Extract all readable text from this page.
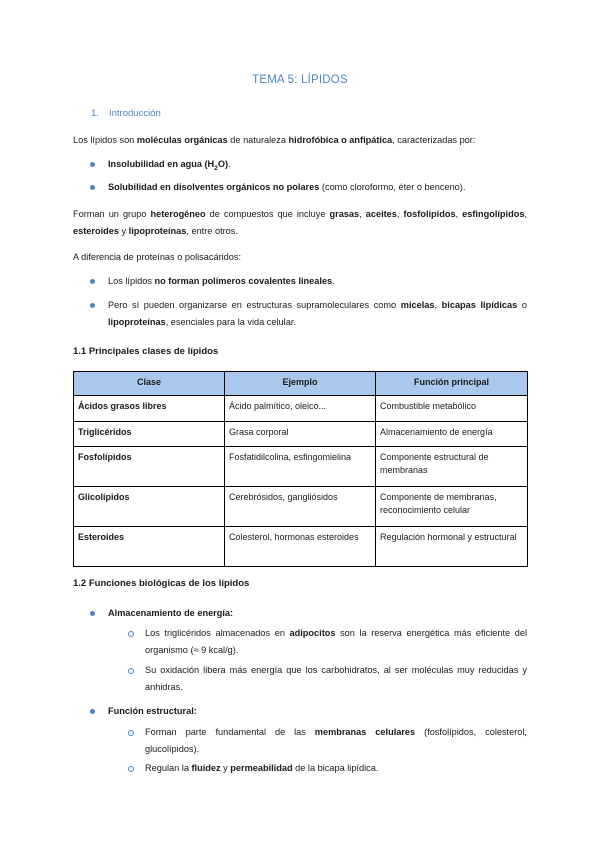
TEMA 5: LÍPIDOS
1. Introducción
Los lípidos son moléculas orgánicas de naturaleza hidrofóbica o anfipática, caracterizadas por:
Insolubilidad en agua $(H_2O)$.
Solubilidad en disolventes orgánicos no polares (como cloroformo, éter o benceno).
Forman un grupo heterogéneo de compuestos que incluye grasas, aceites, fosfolípidos, esfingolípidos, esteroides y lipoproteínas, entre otros.
A diferencia de proteínas o polisacáridos:
Los lípidos no forman polímeros covalentes lineales.
Pero sí pueden organizarse en estructuras supramoleculares como micelas, bicapas lipídicas o lipoproteínas, esenciales para la vida celular.
1.1 Principales clases de lípidos
Clase	Ejemplo	Función principal
Ácidos grasos libres	Ácido palmítico, oleico...	Combustible metabólico
Triglicéridos	Grasa corporal	Almacenamiento de energía
Fosfolípidos	Fosfatidilcolina, esfingomielina	Componente estructural de membranas
Glicolípidos	Cerebrósidos, gangliósidos	Componente de membranas, reconocimiento celular
Esteroides	Colesterol, hormonas esteroides	Regulación hormonal y estructural
1.2 Funciones biológicas de los lípidos
Almacenamiento de energía:
Los triglicéridos almacenados en adipocitos son la reserva energética más eficiente del organismo (≈ 9 kcal/g).
Su oxidación libera más energía que los carbohidratos, al ser moléculas muy reducidas y anhidras.
Función estructural:
Forman parte fundamental de las membranas celulares (fosfolípidos, colesterol, glucolípidos).
Regulan la fluidez y permeabilidad de la bicapa lipídica.
